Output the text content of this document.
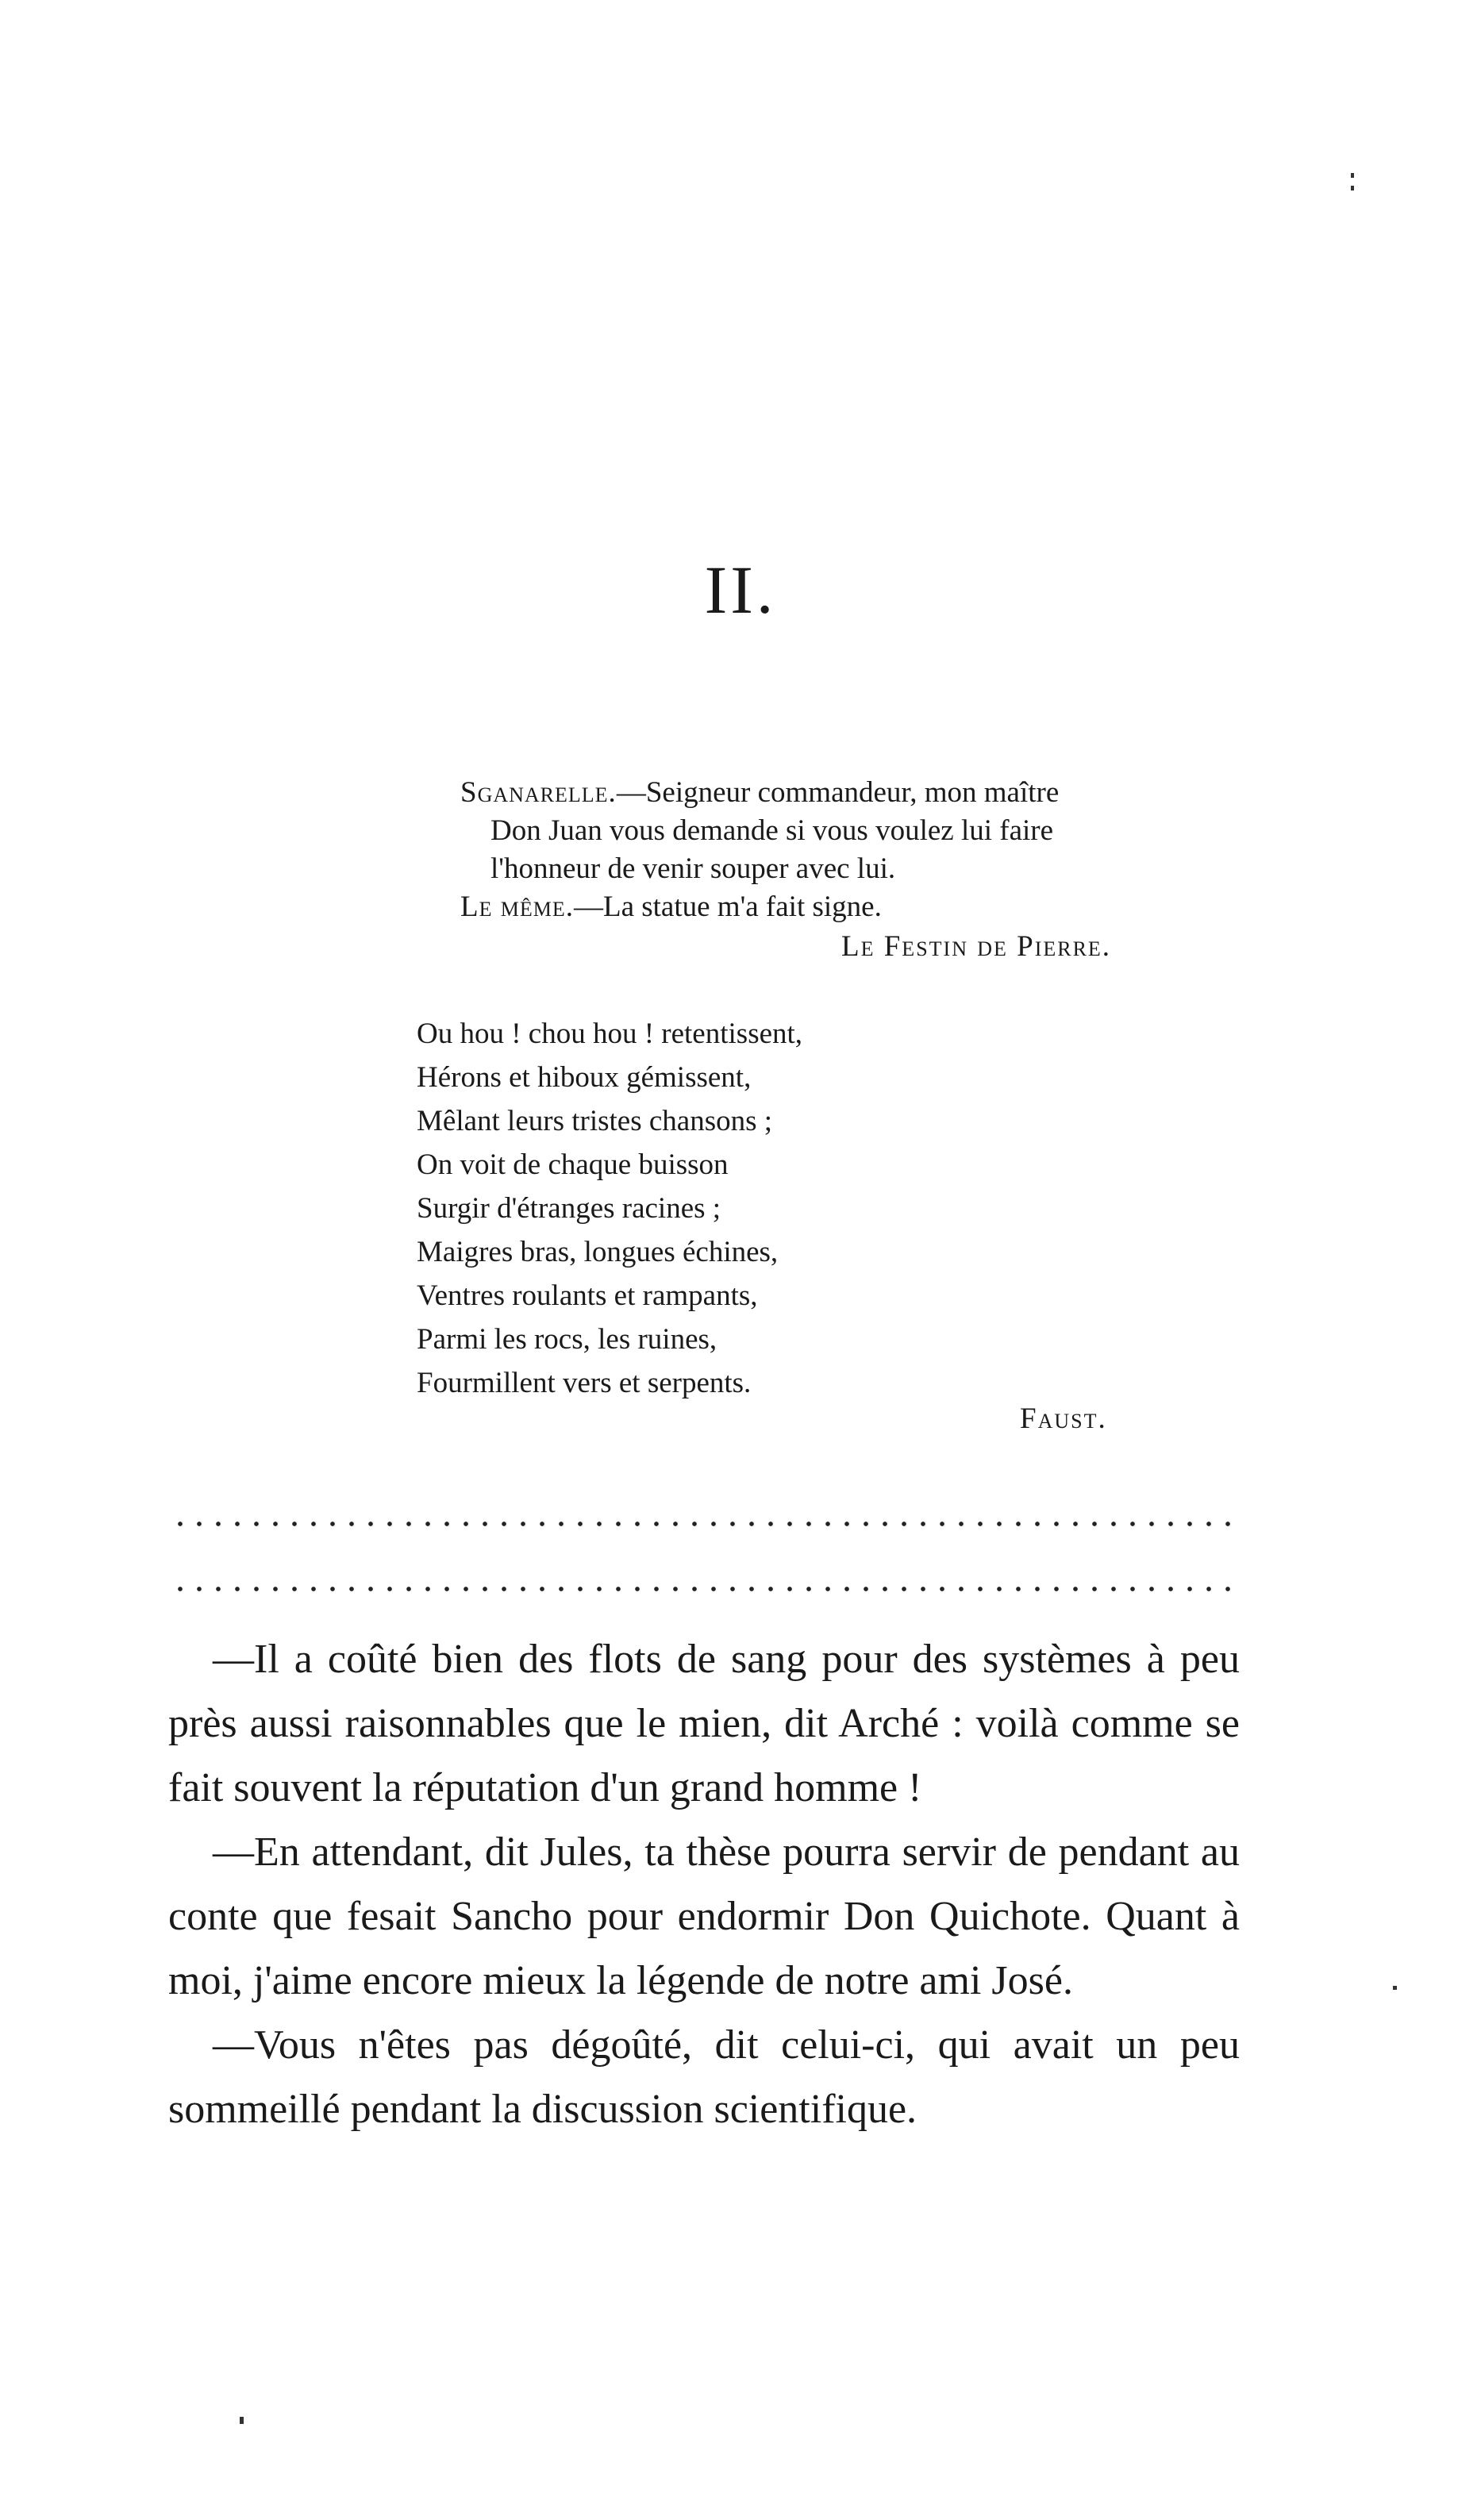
II.

Sganarelle.—Seigneur commandeur, mon maître
Don Juan vous demande si vous voulez lui faire
l'honneur de venir souper avec lui.

Le même.—La statue m'a fait signe.

Le Festin de Pierre.

Ou hou ! chou hou ! retentissent,
Hérons et hiboux gémissent,
Mêlant leurs tristes chansons ;
On voit de chaque buisson
Surgir d'étranges racines ;
Maigres bras, longues échines,
Ventres roulants et rampants,
Parmi les rocs, les ruines,
Fourmillent vers et serpents.
Faust.

—Il a coûté bien des flots de sang pour des systèmes à peu près aussi raisonnables que le mien, dit Arché : voilà comme se fait souvent la réputation d'un grand homme !

—En attendant, dit Jules, ta thèse pourra servir de pendant au conte que fesait Sancho pour endormir Don Quichote. Quant à moi, j'aime encore mieux la légende de notre ami José.

—Vous n'êtes pas dégoûté, dit celui-ci, qui avait un peu sommeillé pendant la discussion scientifique.
